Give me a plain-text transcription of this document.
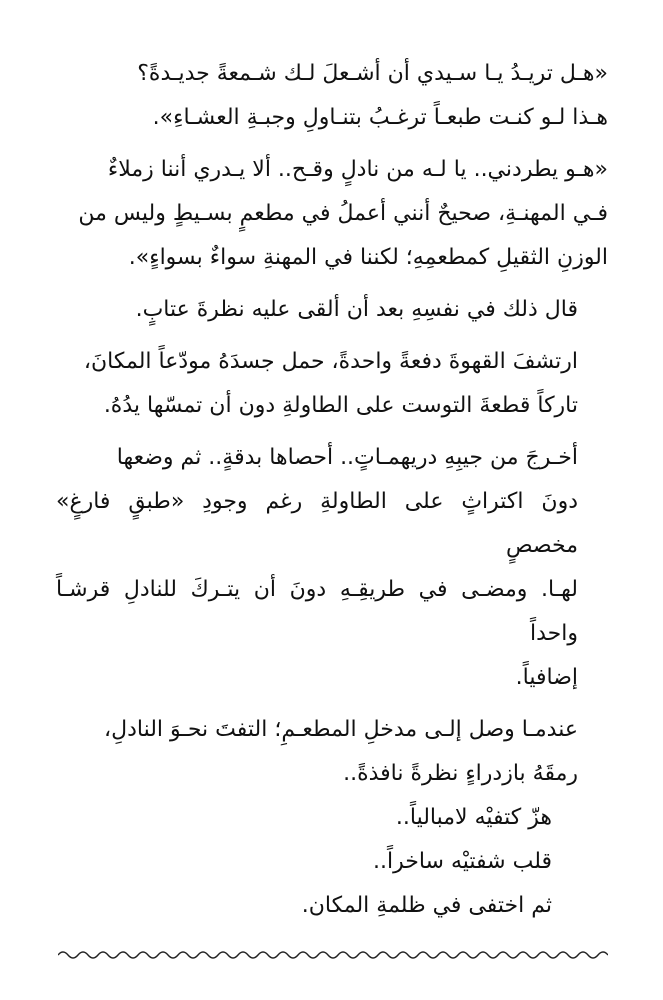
«هـل تريـدُ يـا سـيدي أن أشـعلَ لـك شـمعةً جديـدةً؟
هـذا لـو كنـت طبعـاً ترغـبُ بتنـاولِ وجبـةِ العشـاءِ».

«هـو يطردني.. يا لـه من نادلٍ وقـح.. ألا يـدري أننا زملاءٌ
فـي المهنـةِ، صحيحٌ أنني أعملُ في مطعمٍ بسـيطٍ وليس من
الوزنِ الثقيلِ كمطعمِهِ؛ لكننا في المهنةِ سواءٌ بسواءٍ».

قال ذلك في نفسِهِ بعد أن ألقى عليه نظرةَ عتابٍ.

ارتشفَ القهوةَ دفعةً واحدةً، حمل جسدَهُ مودّعاً المكانَ،
تاركاً قطعةَ التوست على الطاولةِ دون أن تمسّها يدُهُ.

أخـرجَ من جيبِهِ دريهمـاتٍ.. أحصاها بدقةٍ.. ثم وضعها
دونَ اكتراثٍ على الطاولةِ رغم وجودِ «طبقٍ فارغٍ» مخصصٍ
لهـا. ومضـى في طريقِـهِ دونَ أن يتـركَ للنادلِ قرشـاً واحداً
إضافياً.

عندمـا وصل إلـى مدخلِ المطعـمِ؛ التفتَ نحـوَ النادلِ،
رمقَهُ بازدراءٍ نظرةً نافذةً..

هزّ كتفيْه لامبالياً..
قلب شفتيْه ساخراً..
ثم اختفى في ظلمةِ المكان.
